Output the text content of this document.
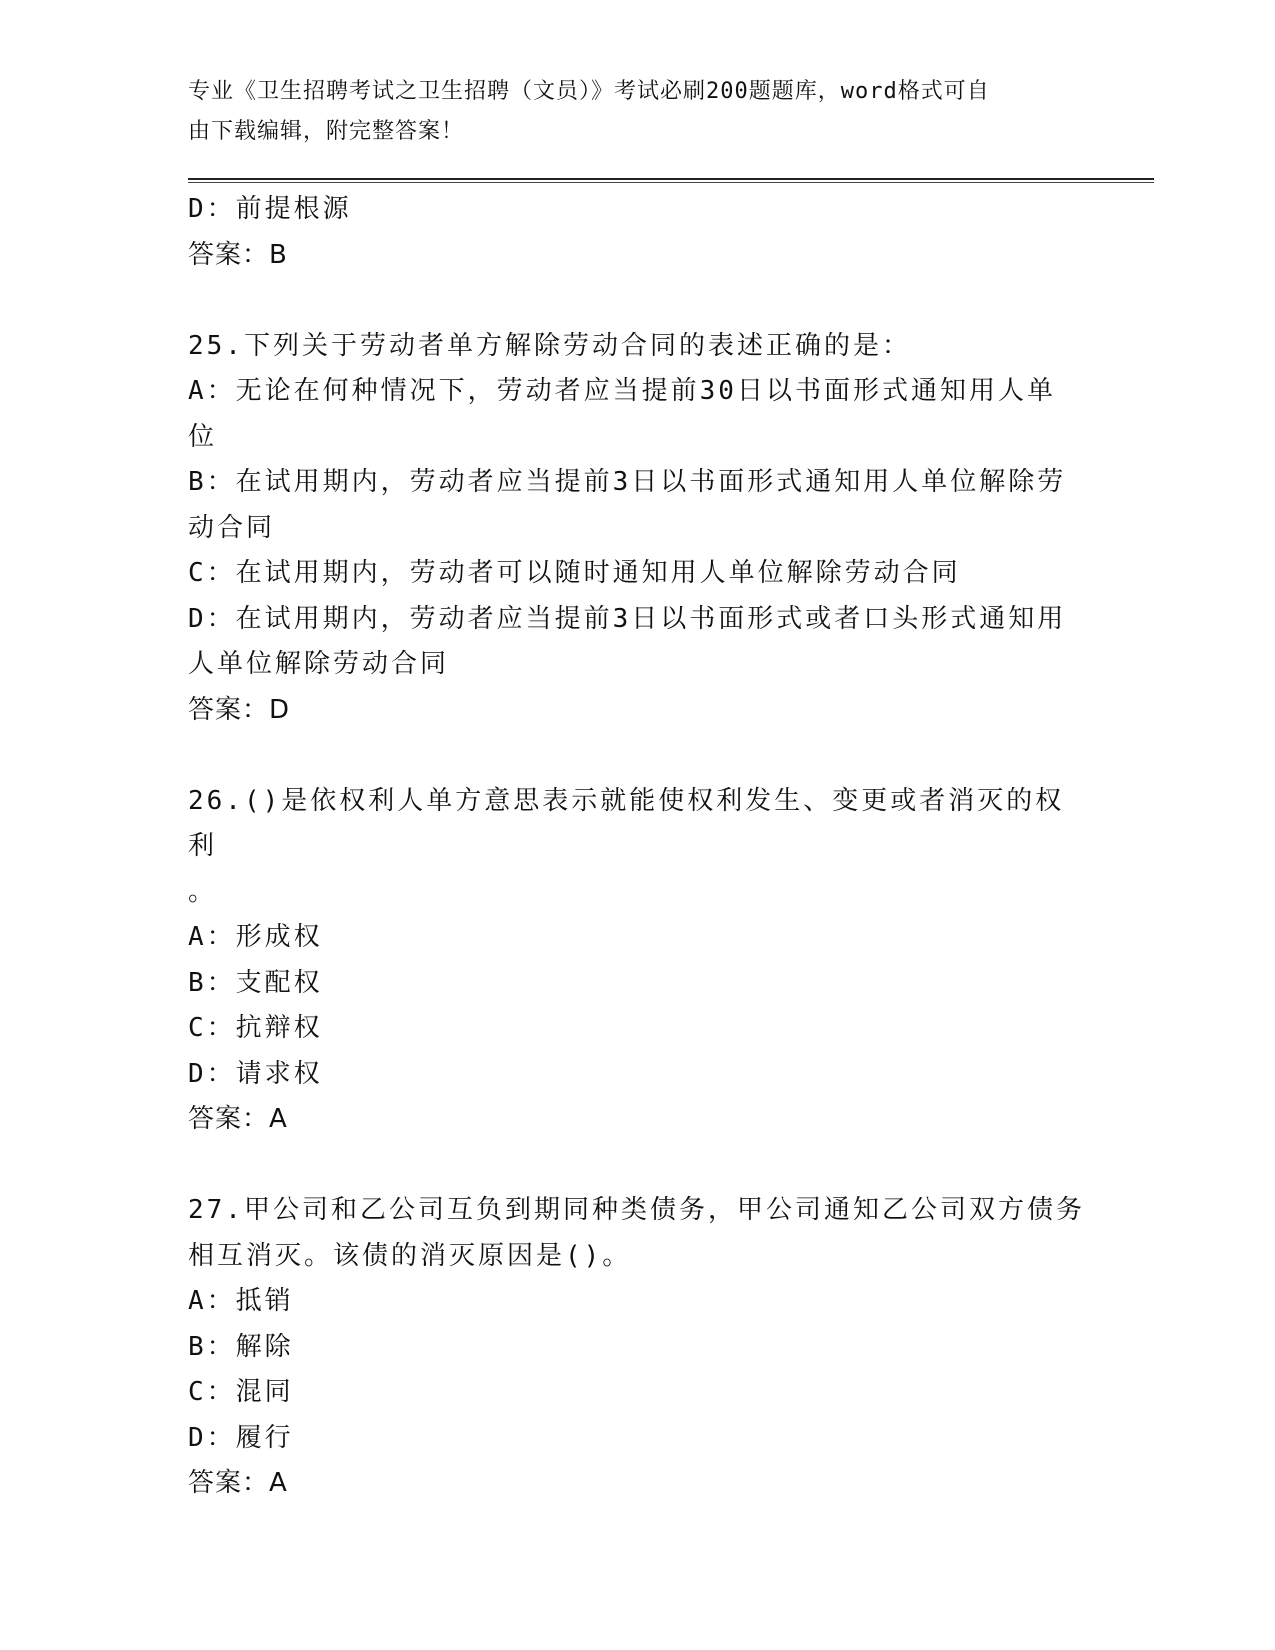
专业《卫生招聘考试之卫生招聘（文员）》考试必刷200题题库，word格式可自
由下载编辑，附完整答案！
D：前提根源
答案：B
25.下列关于劳动者单方解除劳动合同的表述正确的是：
A：无论在何种情况下，劳动者应当提前30日以书面形式通知用人单
位
B：在试用期内，劳动者应当提前3日以书面形式通知用人单位解除劳
动合同
C：在试用期内，劳动者可以随时通知用人单位解除劳动合同
D：在试用期内，劳动者应当提前3日以书面形式或者口头形式通知用
人单位解除劳动合同
答案：D
26.()是依权利人单方意思表示就能使权利发生、变更或者消灭的权利
。
A：形成权
B：支配权
C：抗辩权
D：请求权
答案：A
27.甲公司和乙公司互负到期同种类债务，甲公司通知乙公司双方债务
相互消灭。该债的消灭原因是()。
A：抵销
B：解除
C：混同
D：履行
答案：A
